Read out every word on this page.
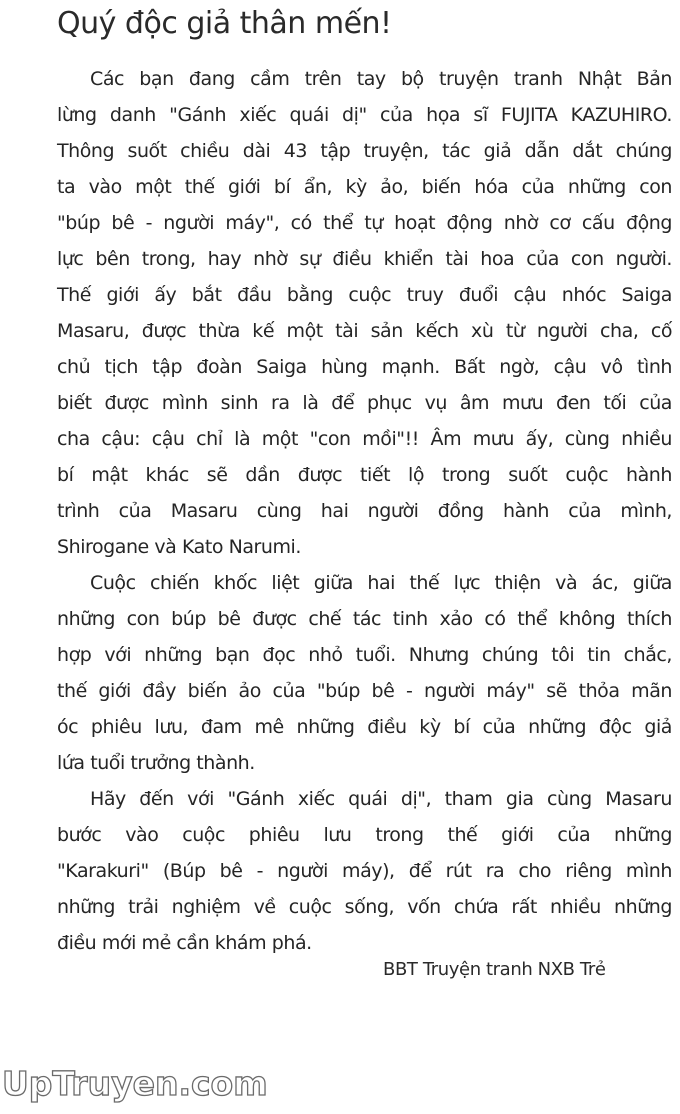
Quý độc giả thân mến!
Các bạn đang cầm trên tay bộ truyện tranh Nhật Bản
lừng danh "Gánh xiếc quái dị" của họa sĩ FUJITA KAZUHIRO.
Thông suốt chiều dài 43 tập truyện, tác giả dẫn dắt chúng
ta vào một thế giới bí ẩn, kỳ ảo, biến hóa của những con
"búp bê - người máy", có thể tự hoạt động nhờ cơ cấu động
lực bên trong, hay nhờ sự điều khiển tài hoa của con người.
Thế giới ấy bắt đầu bằng cuộc truy đuổi cậu nhóc Saiga
Masaru, được thừa kế một tài sản kếch xù từ người cha, cố
chủ tịch tập đoàn Saiga hùng mạnh. Bất ngờ, cậu vô tình
biết được mình sinh ra là để phục vụ âm mưu đen tối của
cha cậu: cậu chỉ là một "con mồi"!! Âm mưu ấy, cùng nhiều
bí mật khác sẽ dần được tiết lộ trong suốt cuộc hành
trình của Masaru cùng hai người đồng hành của mình,
Shirogane và Kato Narumi.
Cuộc chiến khốc liệt giữa hai thế lực thiện và ác, giữa
những con búp bê được chế tác tinh xảo có thể không thích
hợp với những bạn đọc nhỏ tuổi. Nhưng chúng tôi tin chắc,
thế giới đầy biến ảo của "búp bê - người máy" sẽ thỏa mãn
óc phiêu lưu, đam mê những điều kỳ bí của những độc giả
lứa tuổi trưởng thành.
Hãy đến với "Gánh xiếc quái dị", tham gia cùng Masaru
bước vào cuộc phiêu lưu trong thế giới của những
"Karakuri" (Búp bê - người máy), để rút ra cho riêng mình
những trải nghiệm về cuộc sống, vốn chứa rất nhiều những
điều mới mẻ cần khám phá.
BBT Truyện tranh NXB Trẻ
UpTruyen.com
